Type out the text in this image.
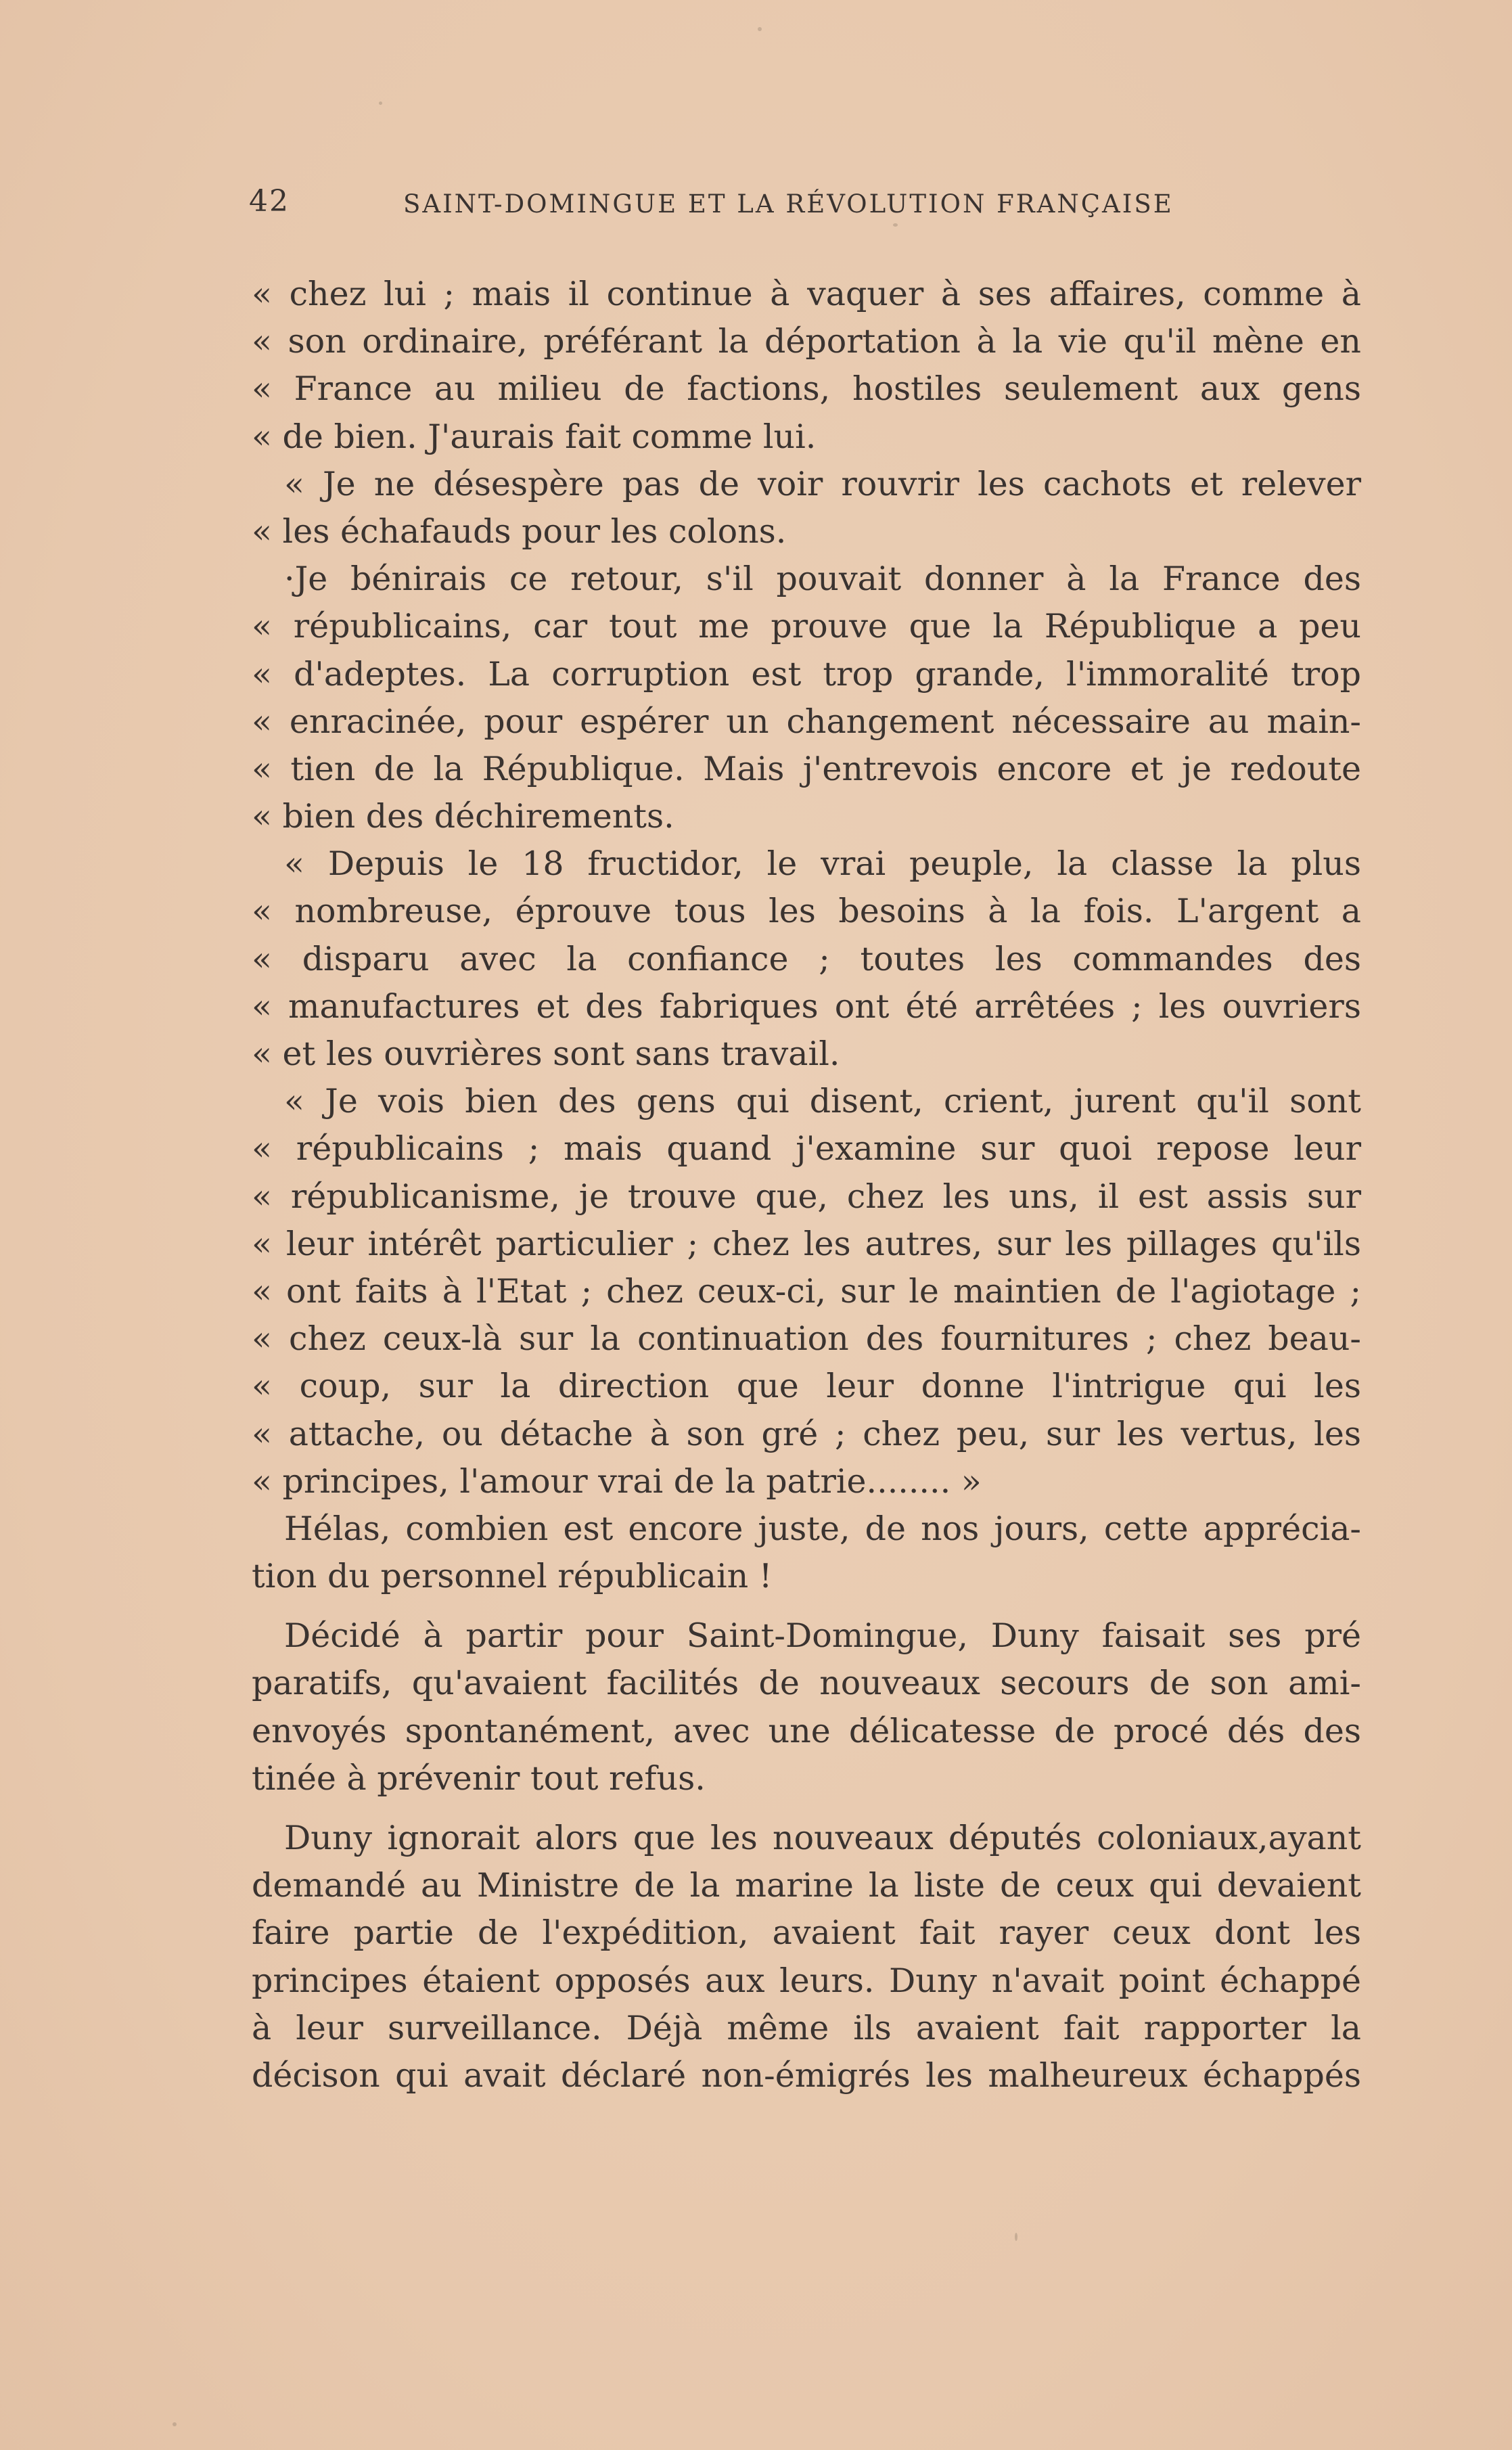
42	SAINT-DOMINGUE ET LA RÉVOLUTION FRANÇAISE
« chez lui ; mais il continue à vaquer à ses affaires, comme à
« son ordinaire, préférant la déportation à la vie qu'il mène en
« France au milieu de factions, hostiles seulement aux gens
« de bien. J'aurais fait comme lui.
« Je ne désespère pas de voir rouvrir les cachots et relever
« les échafauds pour les colons.
·Je bénirais ce retour, s'il pouvait donner à la France des
« républicains, car tout me prouve que la République a peu
« d'adeptes. La corruption est trop grande, l'immoralité trop
« enracinée, pour espérer un changement nécessaire au main-
« tien de la République. Mais j'entrevois encore et je redoute
« bien des déchirements.
« Depuis le 18 fructidor, le vrai peuple, la classe la plus
« nombreuse, éprouve tous les besoins à la fois. L'argent a
« disparu avec la confiance ; toutes les commandes des
« manufactures et des fabriques ont été arrêtées ; les ouvriers
« et les ouvrières sont sans travail.
« Je vois bien des gens qui disent, crient, jurent qu'il sont
« républicains ; mais quand j'examine sur quoi repose leur
« républicanisme, je trouve que, chez les uns, il est assis sur
« leur intérêt particulier ; chez les autres, sur les pillages qu'ils
« ont faits à l'Etat ; chez ceux-ci, sur le maintien de l'agiotage ;
« chez ceux-là sur la continuation des fournitures ; chez beau-
« coup, sur la direction que leur donne l'intrigue qui les
« attache, ou détache à son gré ; chez peu, sur les vertus, les
« principes, l'amour vrai de la patrie........ »
Hélas, combien est encore juste, de nos jours, cette apprécia-
tion du personnel républicain !
Décidé à partir pour Saint-Domingue, Duny faisait ses pré
paratifs, qu'avaient facilités de nouveaux secours de son ami-
envoyés spontanément, avec une délicatesse de procé dés des
tinée à prévenir tout refus.
Duny ignorait alors que les nouveaux députés coloniaux,ayant
demandé au Ministre de la marine la liste de ceux qui devaient
faire partie de l'expédition, avaient fait rayer ceux dont les
principes étaient opposés aux leurs. Duny n'avait point échappé
à leur surveillance. Déjà même ils avaient fait rapporter la
décison qui avait déclaré non-émigrés les malheureux échappés
